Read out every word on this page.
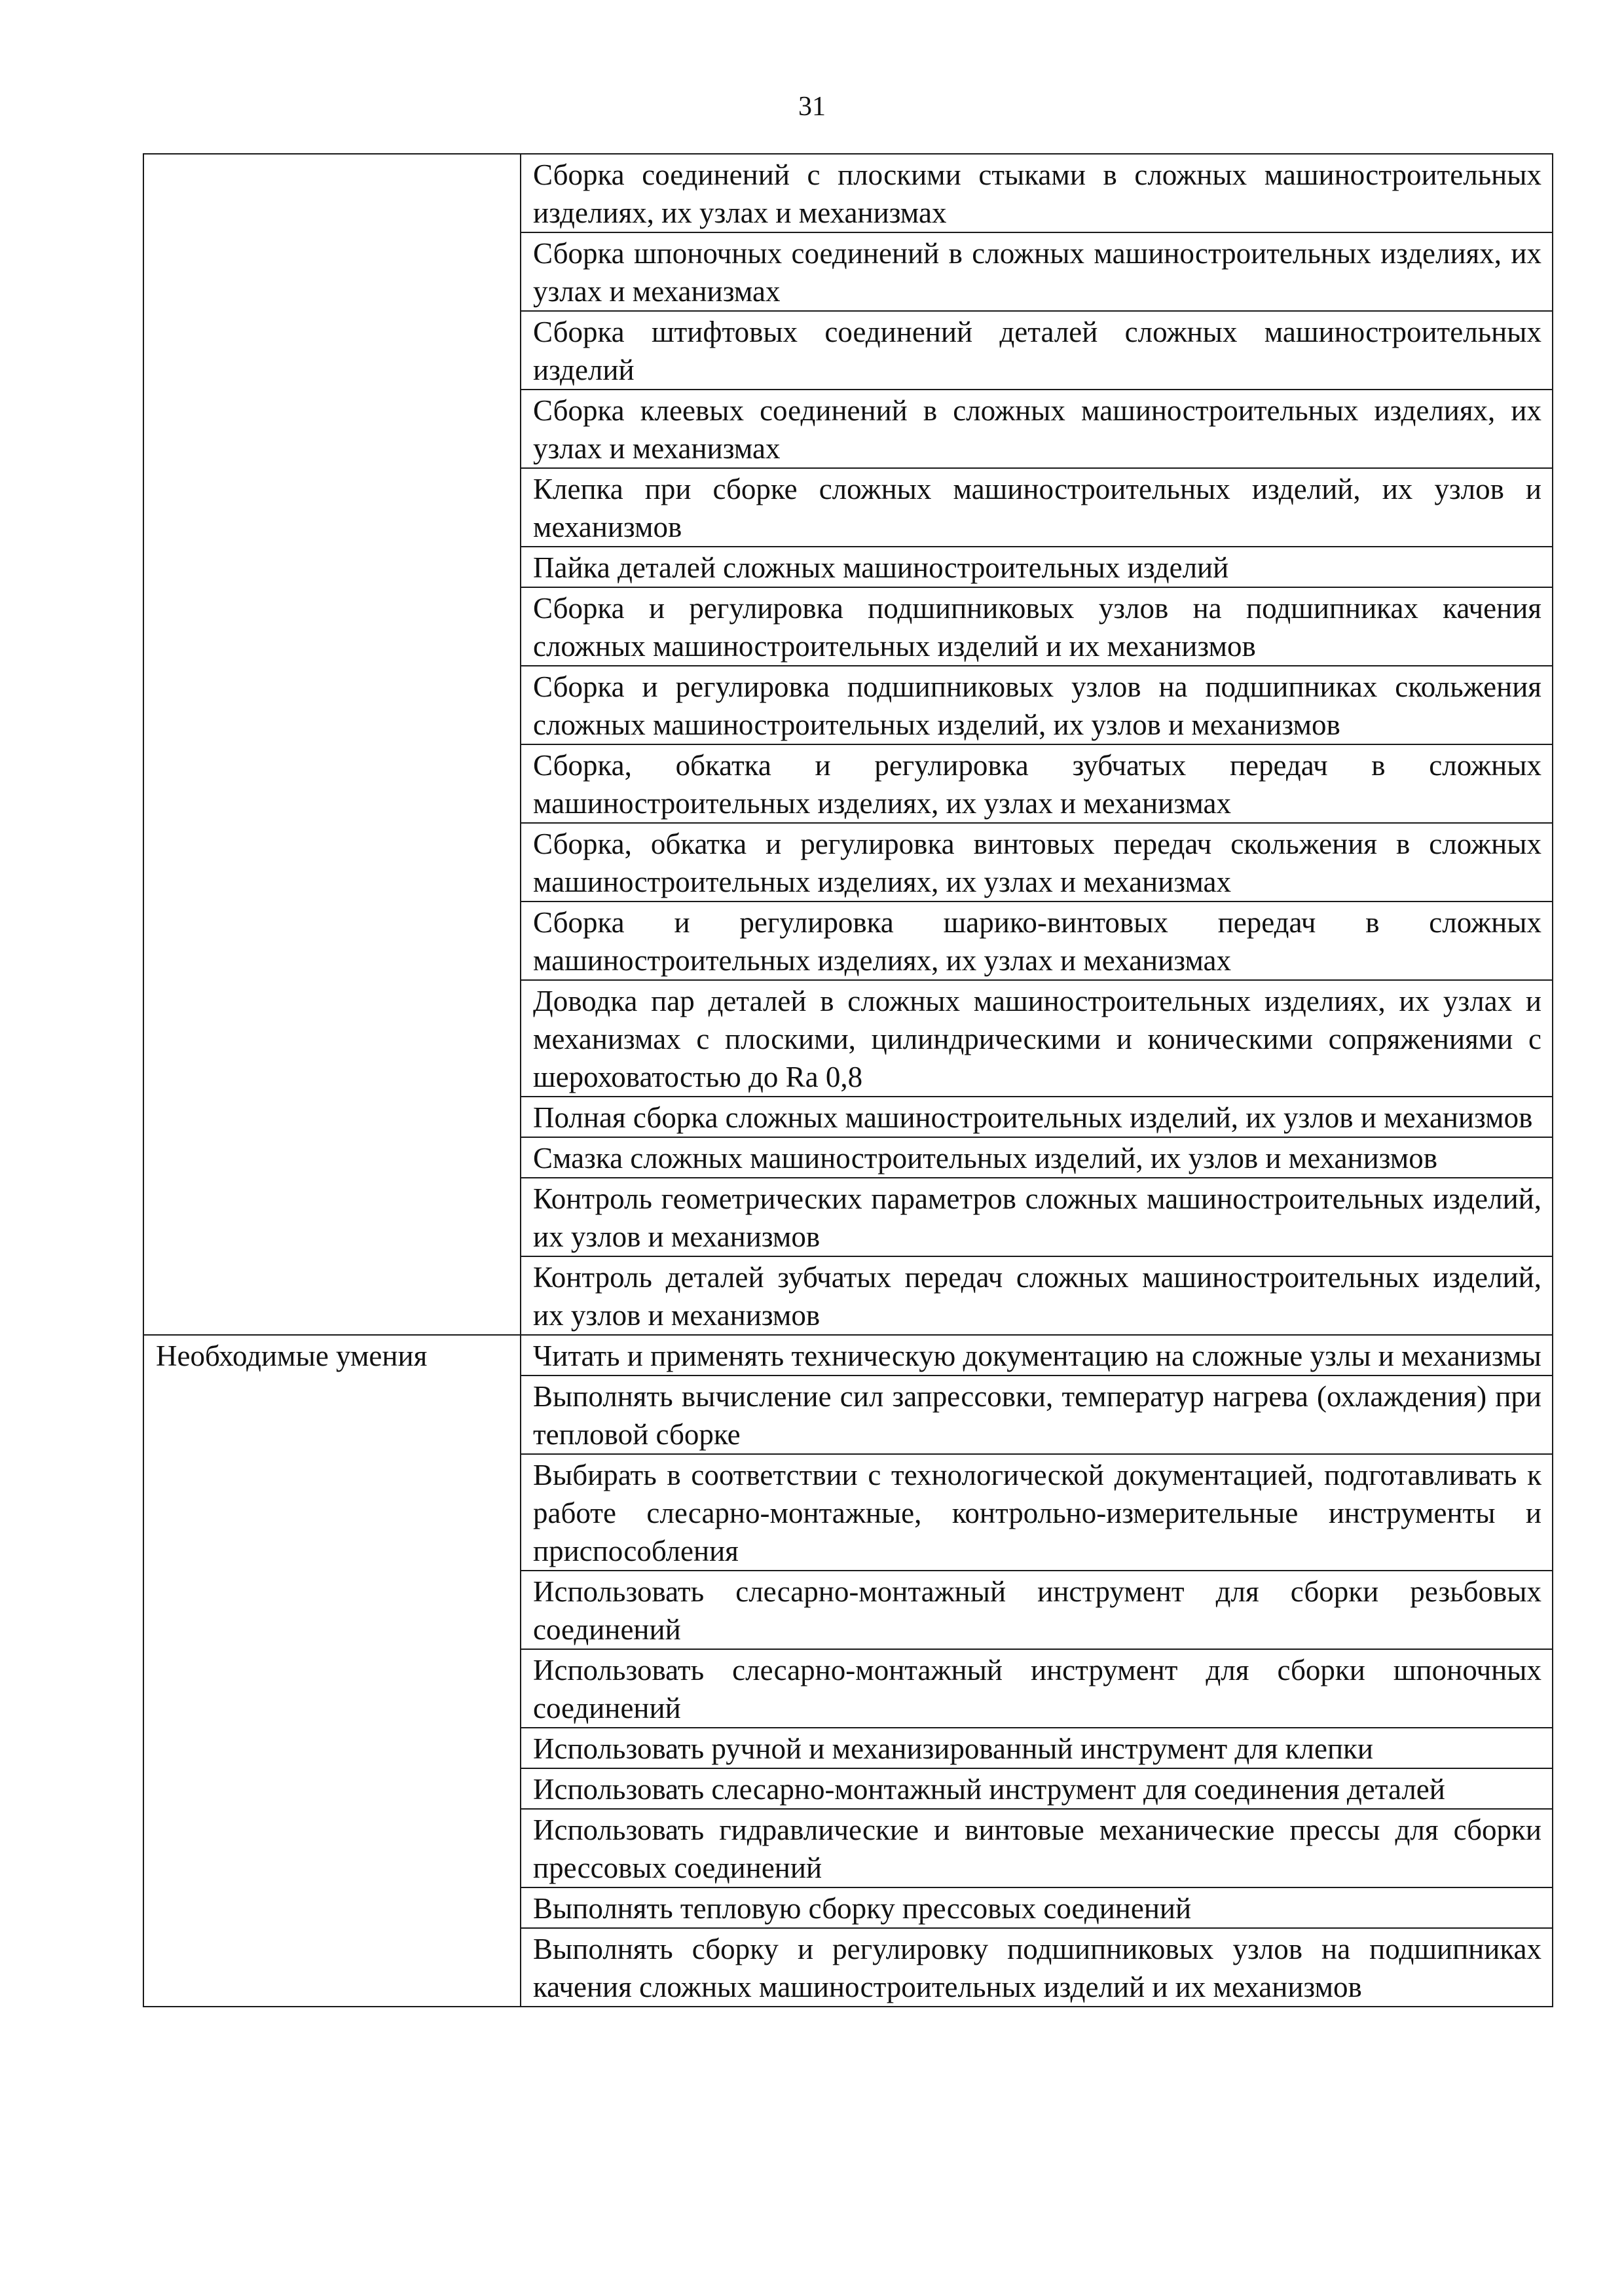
31
	Сборка соединений с плоскими стыками в сложных машиностроительных изделиях, их узлах и механизмах
	Сборка шпоночных соединений в сложных машиностроительных изделиях, их узлах и механизмах
	Сборка штифтовых соединений деталей сложных машиностроительных изделий
	Сборка клеевых соединений в сложных машиностроительных изделиях, их узлах и механизмах
	Клепка при сборке сложных машиностроительных изделий, их узлов и механизмов
	Пайка деталей сложных машиностроительных изделий
	Сборка и регулировка подшипниковых узлов на подшипниках качения сложных машиностроительных изделий и их механизмов
	Сборка и регулировка подшипниковых узлов на подшипниках скольжения сложных машиностроительных изделий, их узлов и механизмов
	Сборка, обкатка и регулировка зубчатых передач в сложных машиностроительных изделиях, их узлах и механизмах
	Сборка, обкатка и регулировка винтовых передач скольжения в сложных машиностроительных изделиях, их узлах и механизмах
	Сборка и регулировка шарико-винтовых передач в сложных машиностроительных изделиях, их узлах и механизмах
	Доводка пар деталей в сложных машиностроительных изделиях, их узлах и механизмах с плоскими, цилиндрическими и коническими сопряжениями с шероховатостью до Ra 0,8
	Полная сборка сложных машиностроительных изделий, их узлов и механизмов
	Смазка сложных машиностроительных изделий, их узлов и механизмов
	Контроль геометрических параметров сложных машиностроительных изделий, их узлов и механизмов
	Контроль деталей зубчатых передач сложных машиностроительных изделий, их узлов и механизмов
Необходимые умения	Читать и применять техническую документацию на сложные узлы и механизмы
	Выполнять вычисление сил запрессовки, температур нагрева (охлаждения) при тепловой сборке
	Выбирать в соответствии с технологической документацией, подготавливать к работе слесарно-монтажные, контрольно-измерительные инструменты и приспособления
	Использовать слесарно-монтажный инструмент для сборки резьбовых соединений
	Использовать слесарно-монтажный инструмент для сборки шпоночных соединений
	Использовать ручной и механизированный инструмент для клепки
	Использовать слесарно-монтажный инструмент для соединения деталей
	Использовать гидравлические и винтовые механические прессы для сборки прессовых соединений
	Выполнять тепловую сборку прессовых соединений
	Выполнять сборку и регулировку подшипниковых узлов на подшипниках качения сложных машиностроительных изделий и их механизмов
